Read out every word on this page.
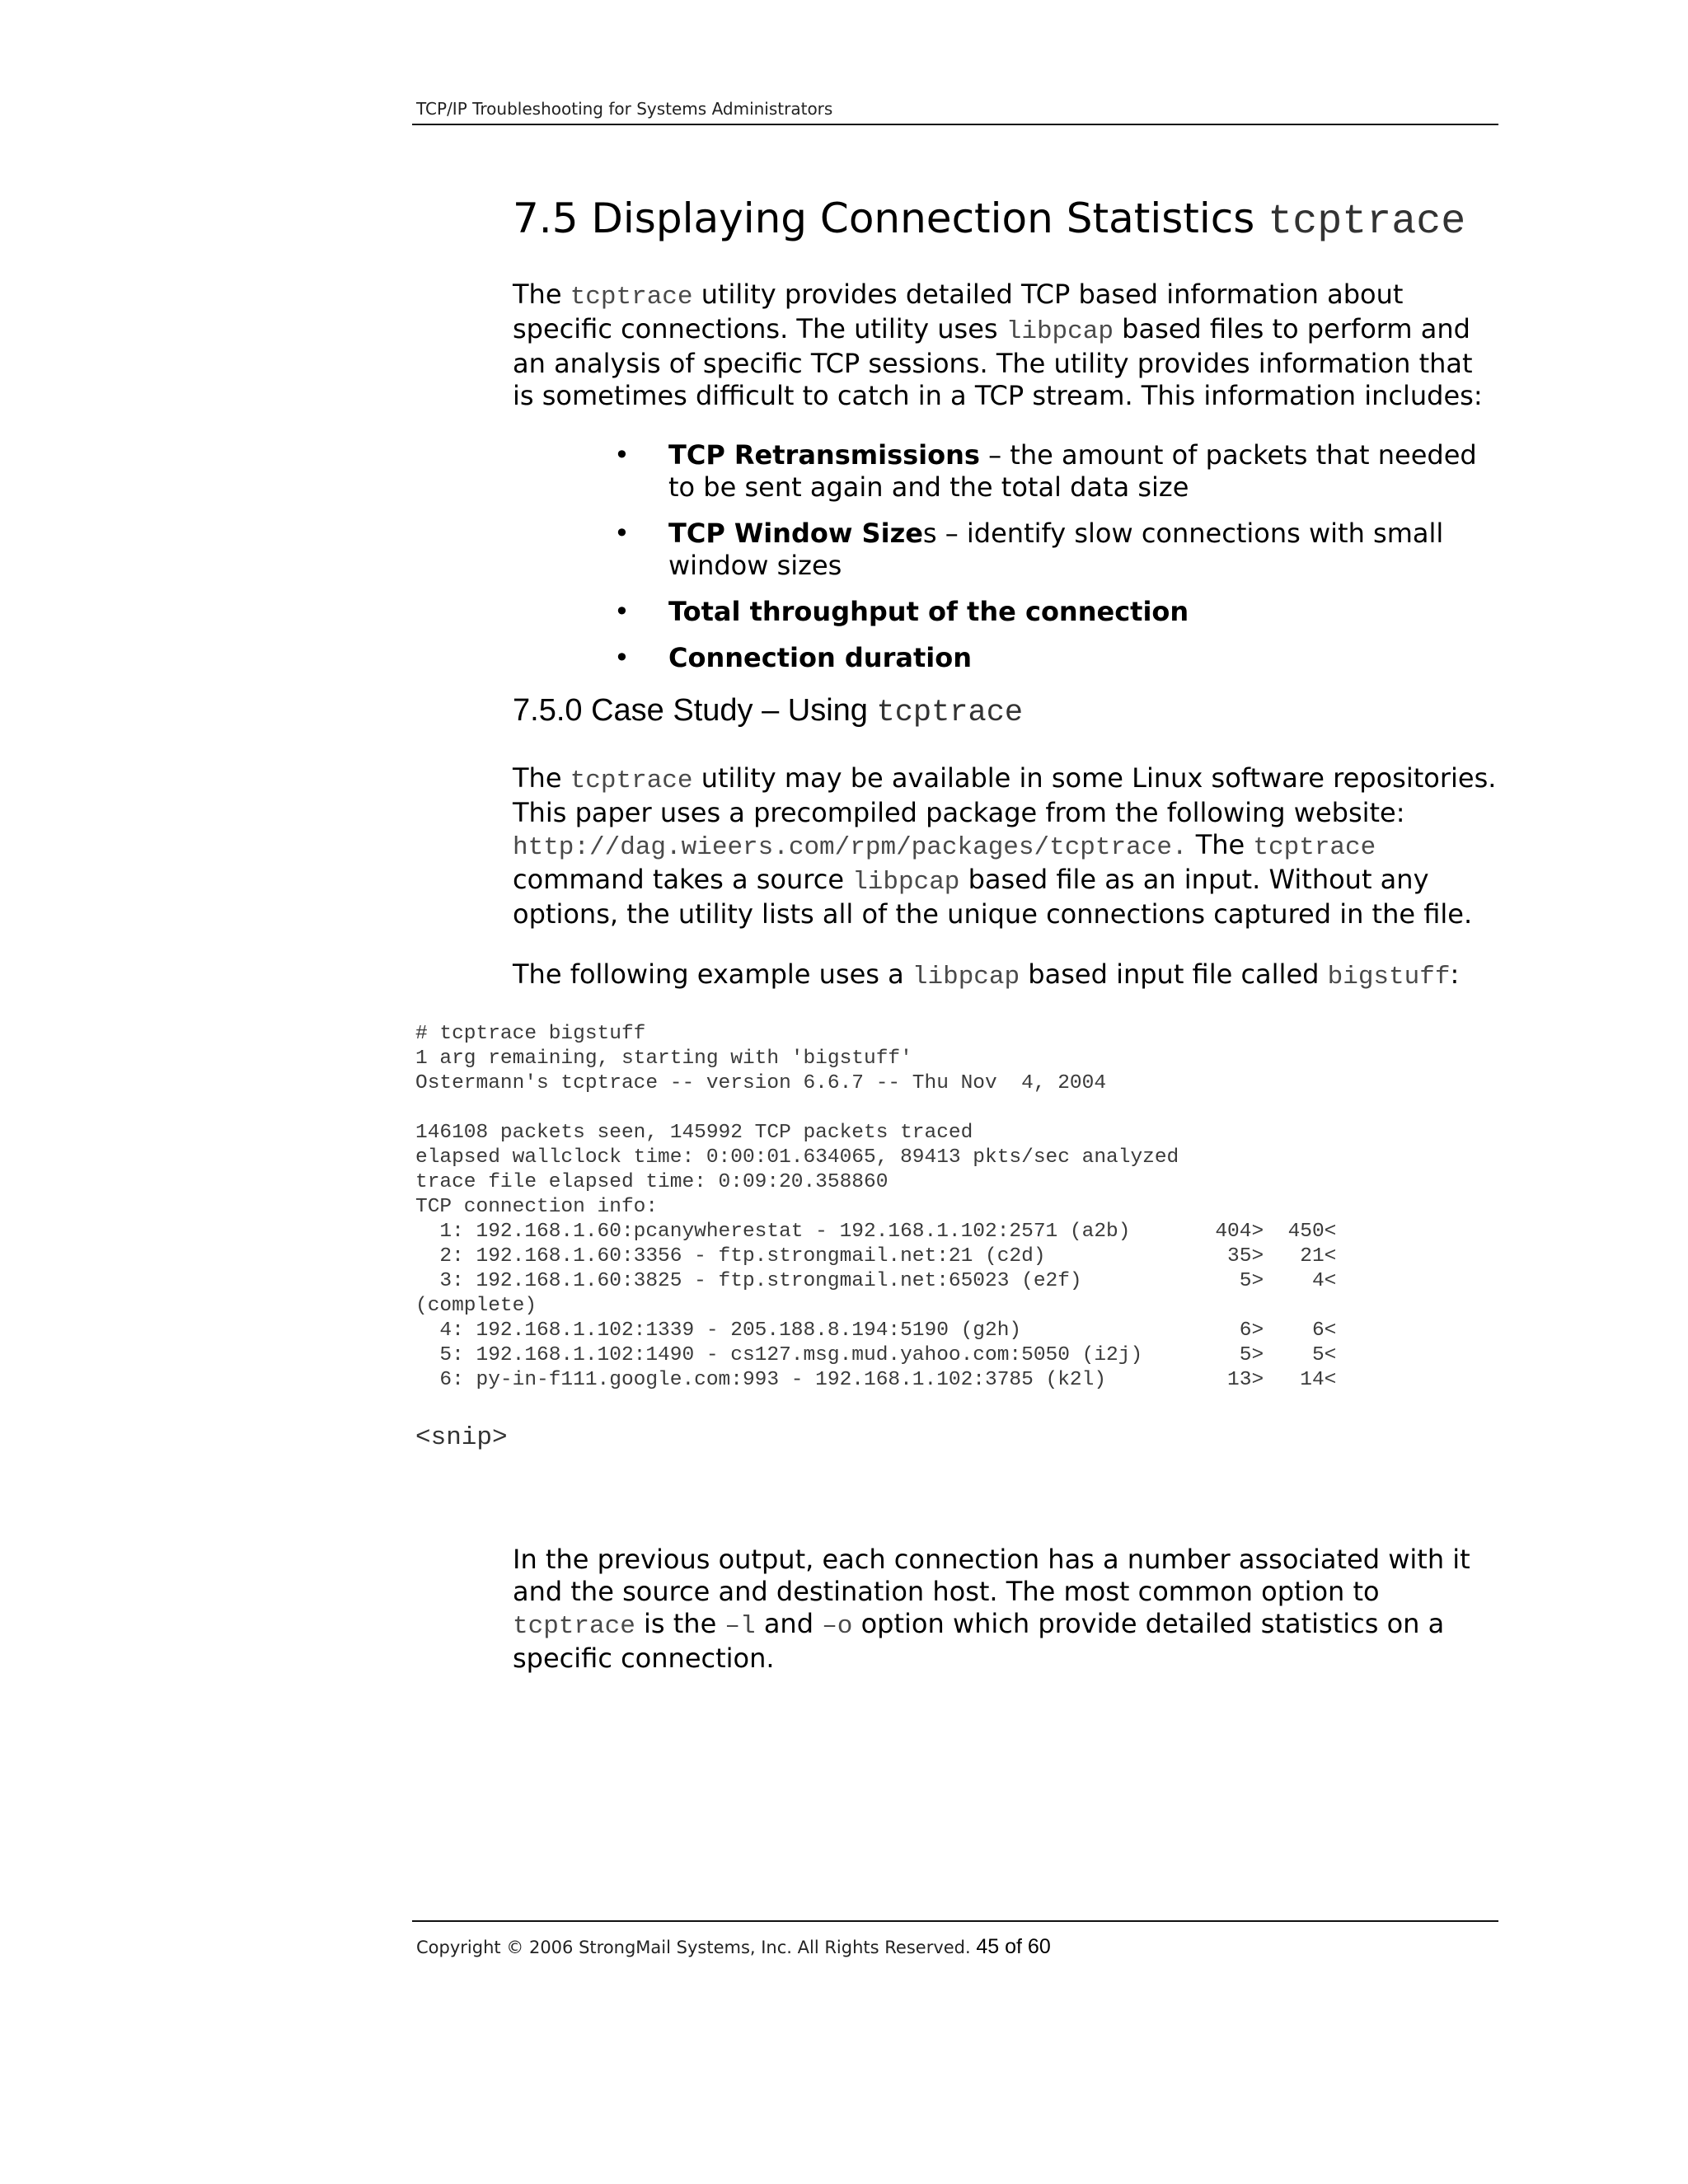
TCP/IP Troubleshooting for Systems Administrators
7.5 Displaying Connection Statistics tcptrace
The tcptrace utility provides detailed TCP based information about specific connections. The utility uses libpcap based files to perform and an analysis of specific TCP sessions. The utility provides information that is sometimes difficult to catch in a TCP stream. This information includes:
• TCP Retransmissions – the amount of packets that needed to be sent again and the total data size
• TCP Window Sizes – identify slow connections with small window sizes
• Total throughput of the connection
• Connection duration
7.5.0 Case Study – Using tcptrace
The tcptrace utility may be available in some Linux software repositories. This paper uses a precompiled package from the following website: http://dag.wieers.com/rpm/packages/tcptrace. The tcptrace command takes a source libpcap based file as an input. Without any options, the utility lists all of the unique connections captured in the file.
The following example uses a libpcap based input file called bigstuff:
# tcptrace bigstuff
1 arg remaining, starting with 'bigstuff'
Ostermann's tcptrace -- version 6.6.7 -- Thu Nov  4, 2004

146108 packets seen, 145992 TCP packets traced
elapsed wallclock time: 0:00:01.634065, 89413 pkts/sec analyzed
trace file elapsed time: 0:09:20.358860
TCP connection info:
1: 192.168.1.60:pcanywherestat - 192.168.1.102:2571 (a2b)       404>  450<
2: 192.168.1.60:3356 - ftp.strongmail.net:21 (c2d)               35>   21<
3: 192.168.1.60:3825 - ftp.strongmail.net:65023 (e2f)             5>    4<
(complete)
4: 192.168.1.102:1339 - 205.188.8.194:5190 (g2h)                  6>    6<
5: 192.168.1.102:1490 - cs127.msg.mud.yahoo.com:5050 (i2j)        5>    5<
6: py-in-f111.google.com:993 - 192.168.1.102:3785 (k2l)          13>   14<
<snip>
In the previous output, each connection has a number associated with it and the source and destination host. The most common option to tcptrace is the –l and –o option which provide detailed statistics on a specific connection.
Copyright © 2006 StrongMail Systems, Inc. All Rights Reserved. 45 of 60
